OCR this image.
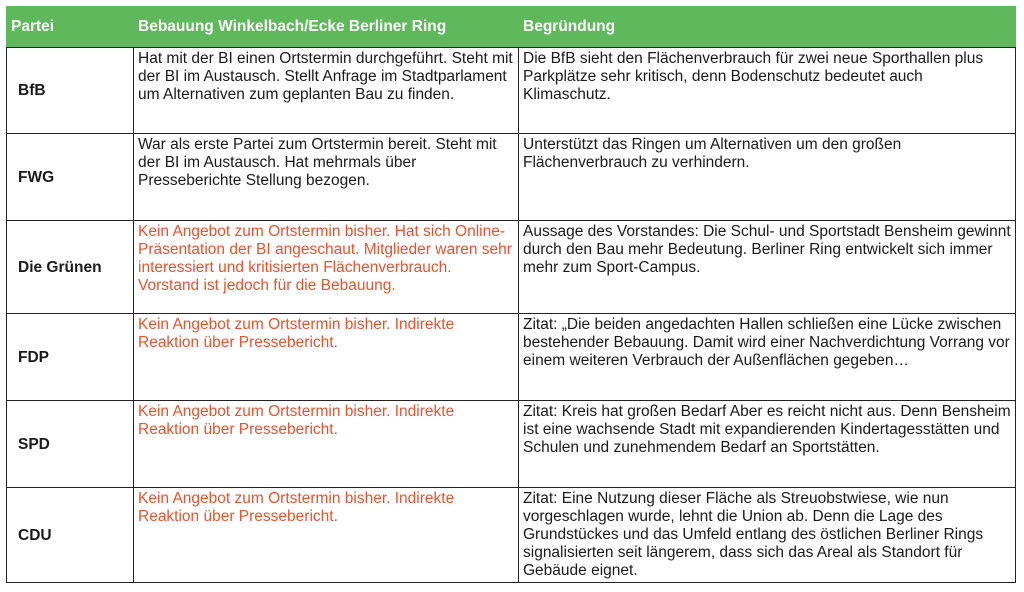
Partei	Bebauung Winkelbach/Ecke Berliner Ring	Begründung
BfB	Hat mit der BI einen Ortstermin durchgeführt. Steht mit der BI im Austausch. Stellt Anfrage im Stadtparlament um Alternativen zum geplanten Bau zu finden.	Die BfB sieht den Flächenverbrauch für zwei neue Sporthallen plus Parkplätze sehr kritisch, denn Bodenschutz bedeutet auch Klimaschutz.
FWG	War als erste Partei zum Ortstermin bereit. Steht mit der BI im Austausch. Hat mehrmals über Presseberichte Stellung bezogen.	Unterstützt das Ringen um Alternativen um den großen Flächenverbrauch zu verhindern.
Die Grünen	Kein Angebot zum Ortstermin bisher. Hat sich Online-Präsentation der BI angeschaut. Mitglieder waren sehr interessiert und kritisierten Flächenverbrauch. Vorstand ist jedoch für die Bebauung.	Aussage des Vorstandes: Die Schul- und Sportstadt Bensheim gewinnt durch den Bau mehr Bedeutung. Berliner Ring entwickelt sich immer mehr zum Sport-Campus.
FDP	Kein Angebot zum Ortstermin bisher. Indirekte Reaktion über Pressebericht.	Zitat: „Die beiden angedachten Hallen schließen eine Lücke zwischen bestehender Bebauung. Damit wird einer Nachverdichtung Vorrang vor einem weiteren Verbrauch der Außenflächen gegeben…
SPD	Kein Angebot zum Ortstermin bisher. Indirekte Reaktion über Pressebericht.	Zitat: Kreis hat großen Bedarf Aber es reicht nicht aus. Denn Bensheim ist eine wachsende Stadt mit expandierenden Kindertagesstätten und Schulen und zunehmendem Bedarf an Sportstätten.
CDU	Kein Angebot zum Ortstermin bisher. Indirekte Reaktion über Pressebericht.	Zitat: Eine Nutzung dieser Fläche als Streuobstwiese, wie nun vorgeschlagen wurde, lehnt die Union ab. Denn die Lage des Grundstückes und das Umfeld entlang des östlichen Berliner Rings signalisierten seit längerem, dass sich das Areal als Standort für Gebäude eignet.
